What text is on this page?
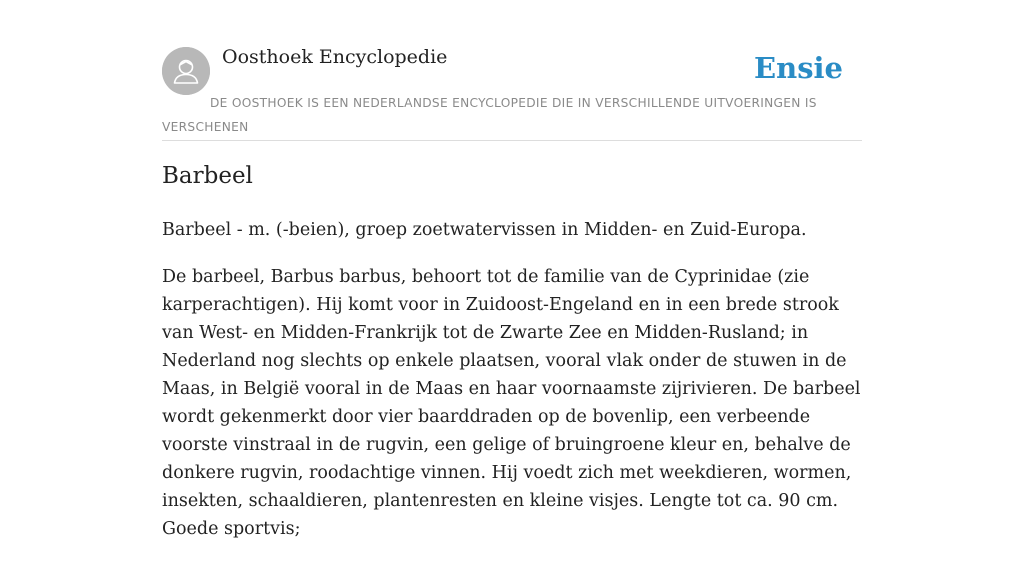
Oosthoek Encyclopedie	Ensie
DE OOSTHOEK IS EEN NEDERLANDSE ENCYCLOPEDIE DIE IN VERSCHILLENDE UITVOERINGEN IS VERSCHENEN
Barbeel

Barbeel - m. (-beien), groep zoetwatervissen in Midden- en Zuid-Europa.

De barbeel, Barbus barbus, behoort tot de familie van de Cyprinidae (zie karperachtigen). Hij komt voor in Zuidoost-Engeland en in een brede strook van West- en Midden-Frankrijk tot de Zwarte Zee en Midden-Rusland; in Nederland nog slechts op enkele plaatsen, vooral vlak onder de stuwen in de Maas, in België vooral in de Maas en haar voornaamste zijrivieren. De barbeel wordt gekenmerkt door vier baarddraden op de bovenlip, een verbeende voorste vinstraal in de rugvin, een gelige of bruingroene kleur en, behalve de donkere rugvin, roodachtige vinnen. Hij voedt zich met weekdieren, wormen, insekten, schaaldieren, plantenresten en kleine visjes. Lengte tot ca. 90 cm. Goede sportvis;
